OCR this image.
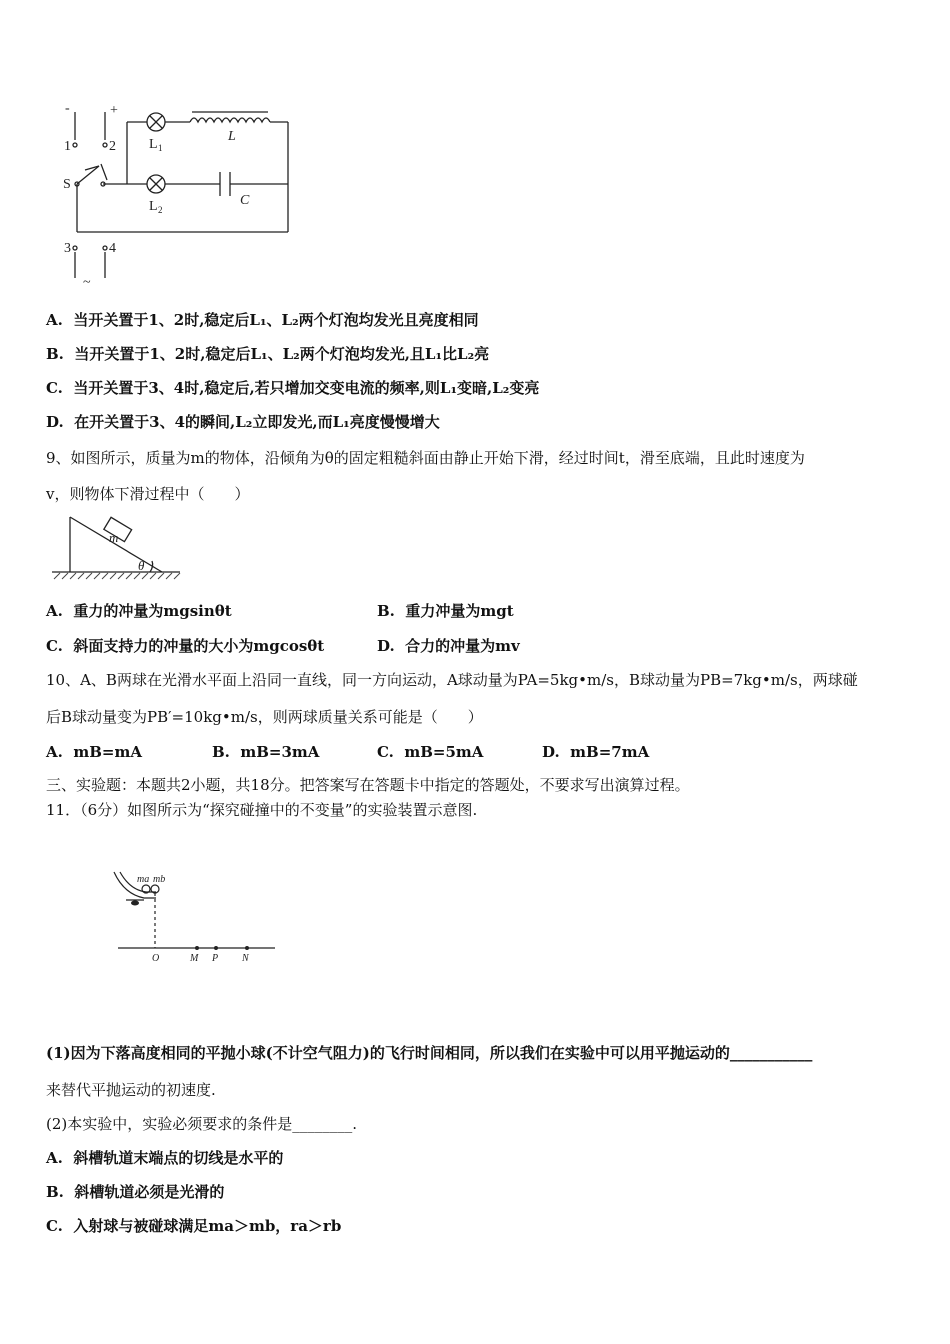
-	+
1	2
S
L 1
L 2
L
C
3	4
~
A. 当开关置于1、2时,稳定后L₁、L₂两个灯泡均发光且亮度相同
B. 当开关置于1、2时,稳定后L₁、L₂两个灯泡均发光,且L₁比L₂亮
C. 当开关置于3、4时,稳定后,若只增加交变电流的频率,则L₁变暗,L₂变亮
D. 在开关置于3、4的瞬间,L₂立即发光,而L₁亮度慢慢增大
9、如图所示，质量为m的物体，沿倾角为θ的固定粗糙斜面由静止开始下滑，经过时间t，滑至底端，且此时速度为
v，则物体下滑过程中（　　）
m
θ
A. 重力的冲量为mgsinθt	B. 重力冲量为mgt
C. 斜面支持力的冲量的大小为mgcosθt	D. 合力的冲量为mv
10、A、B两球在光滑水平面上沿同一直线，同一方向运动，A球动量为PA=5kg•m/s，B球动量为PB=7kg•m/s，两球碰
后B球动量变为PB′=10kg•m/s，则两球质量关系可能是（　　）
A. mB=mA	B. mB=3mA	C. mB=5mA	D. mB=7mA
三、实验题：本题共2小题，共18分。把答案写在答题卡中指定的答题处，不要求写出演算过程。
11．（6分）如图所示为“探究碰撞中的不变量”的实验装置示意图.
ma mb
O	M P N
(1)因为下落高度相同的平抛小球(不计空气阻力)的飞行时间相同，所以我们在实验中可以用平抛运动的___________
来替代平抛运动的初速度.
(2)本实验中，实验必须要求的条件是________.
A. 斜槽轨道末端点的切线是水平的
B. 斜槽轨道必须是光滑的
C. 入射球与被碰球满足ma＞mb，ra＞rb
